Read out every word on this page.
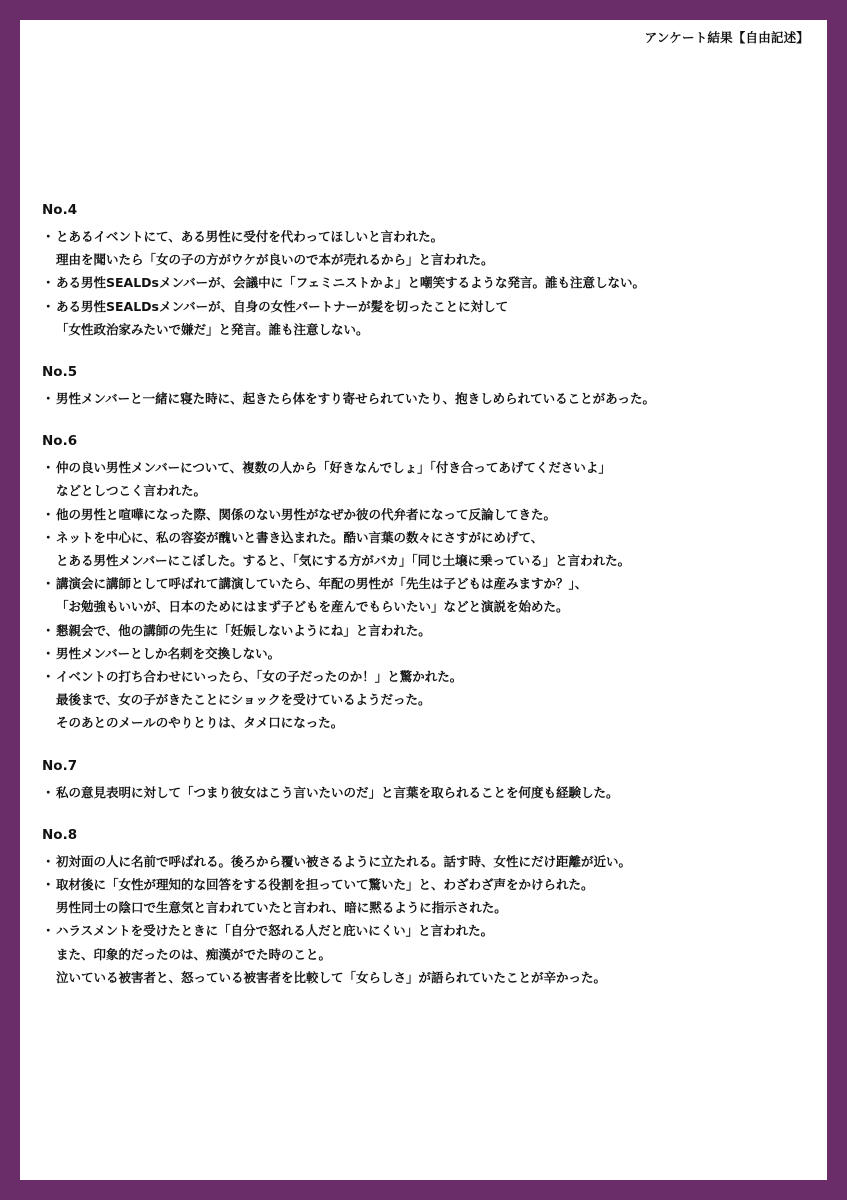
アンケート結果【自由記述】
No.4
・ とあるイベントにて、ある男性に受付を代わってほしいと言われた。
理由を聞いたら「女の子の方がウケが良いので本が売れるから」と言われた。
・ ある男性SEALDsメンバーが、会議中に「フェミニストかよ」と嘲笑するような発言。誰も注意しない。
・ ある男性SEALDsメンバーが、自身の女性パートナーが髪を切ったことに対して
「女性政治家みたいで嫌だ」と発言。誰も注意しない。
No.5
・ 男性メンバーと一緒に寝た時に、起きたら体をすり寄せられていたり、抱きしめられていることがあった。
No.6
・ 仲の良い男性メンバーについて、複数の人から「好きなんでしょ」「付き合ってあげてくださいよ」
などとしつこく言われた。
・ 他の男性と喧嘩になった際、関係のない男性がなぜか彼の代弁者になって反論してきた。
・ ネットを中心に、私の容姿が醜いと書き込まれた。酷い言葉の数々にさすがにめげて、
とある男性メンバーにこぼした。すると、「気にする方がバカ」「同じ土壌に乗っている」と言われた。
・ 講演会に講師として呼ばれて講演していたら、年配の男性が「先生は子どもは産みますか？」、
「お勉強もいいが、日本のためにはまず子どもを産んでもらいたい」などと演説を始めた。
・ 懇親会で、他の講師の先生に「妊娠しないようにね」と言われた。
・ 男性メンバーとしか名刺を交換しない。
・ イベントの打ち合わせにいったら、「女の子だったのか！」と驚かれた。
最後まで、女の子がきたことにショックを受けているようだった。
そのあとのメールのやりとりは、タメ口になった。
No.7
・ 私の意見表明に対して「つまり彼女はこう言いたいのだ」と言葉を取られることを何度も経験した。
No.8
・ 初対面の人に名前で呼ばれる。後ろから覆い被さるように立たれる。話す時、女性にだけ距離が近い。
・ 取材後に「女性が理知的な回答をする役割を担っていて驚いた」と、わざわざ声をかけられた。
男性同士の陰口で生意気と言われていたと言われ、暗に黙るように指示された。
・ ハラスメントを受けたときに「自分で怒れる人だと庇いにくい」と言われた。
また、印象的だったのは、痴漢がでた時のこと。
泣いている被害者と、怒っている被害者を比較して「女らしさ」が語られていたことが辛かった。
